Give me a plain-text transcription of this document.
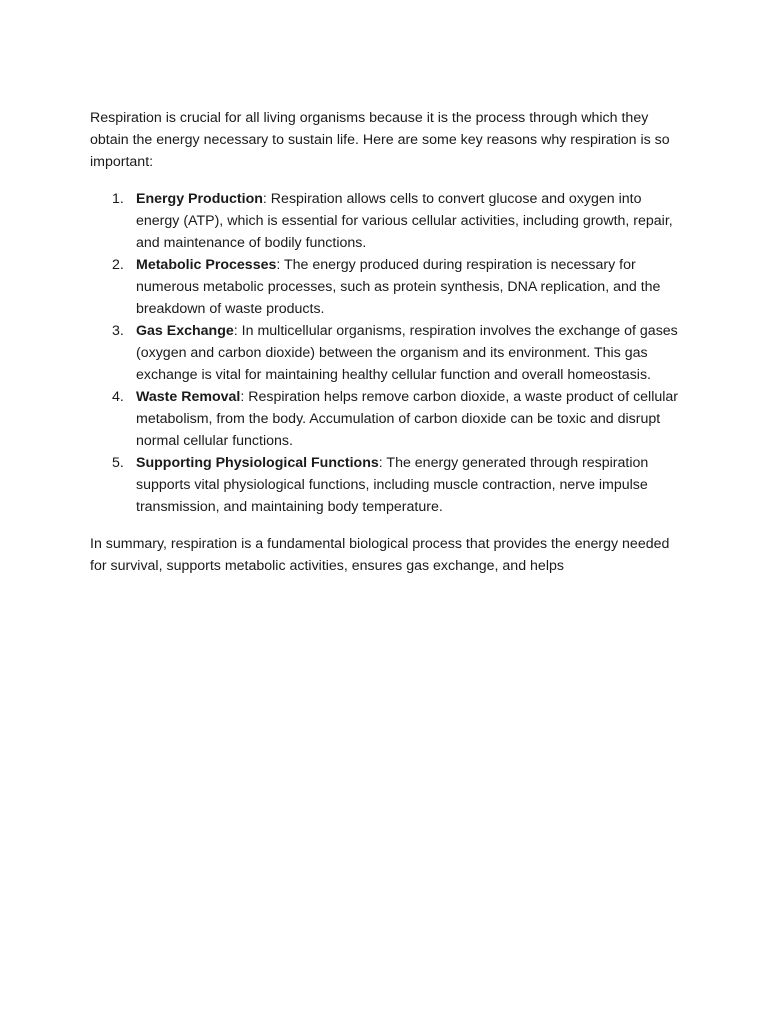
Respiration is crucial for all living organisms because it is the process through which they obtain the energy necessary to sustain life. Here are some key reasons why respiration is so important:

1. Energy Production: Respiration allows cells to convert glucose and oxygen into energy (ATP), which is essential for various cellular activities, including growth, repair, and maintenance of bodily functions.
2. Metabolic Processes: The energy produced during respiration is necessary for numerous metabolic processes, such as protein synthesis, DNA replication, and the breakdown of waste products.
3. Gas Exchange: In multicellular organisms, respiration involves the exchange of gases (oxygen and carbon dioxide) between the organism and its environment. This gas exchange is vital for maintaining healthy cellular function and overall homeostasis.
4. Waste Removal: Respiration helps remove carbon dioxide, a waste product of cellular metabolism, from the body. Accumulation of carbon dioxide can be toxic and disrupt normal cellular functions.
5. Supporting Physiological Functions: The energy generated through respiration supports vital physiological functions, including muscle contraction, nerve impulse transmission, and maintaining body temperature.

In summary, respiration is a fundamental biological process that provides the energy needed for survival, supports metabolic activities, ensures gas exchange, and helps
